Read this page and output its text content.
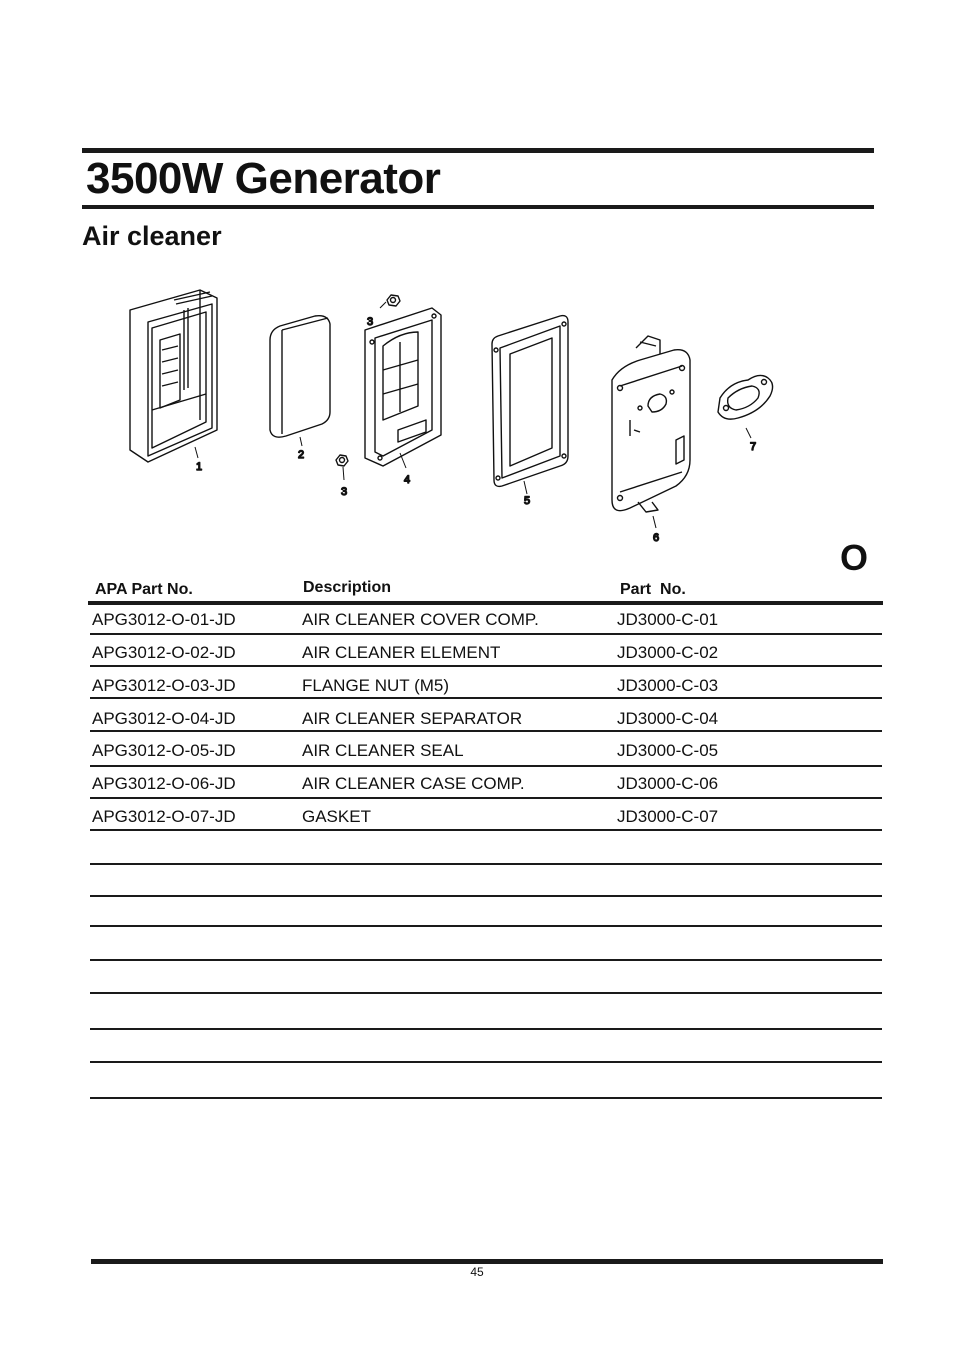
3500W Generator
Air cleaner
1
2
3
3
4
5
6
7
O
APA Part No.	Description	Part  No.
APG3012-O-01-JD	AIR CLEANER COVER COMP.	JD3000-C-01
APG3012-O-02-JD	AIR CLEANER ELEMENT	JD3000-C-02
APG3012-O-03-JD	FLANGE NUT (M5)	JD3000-C-03
APG3012-O-04-JD	AIR CLEANER SEPARATOR	JD3000-C-04
APG3012-O-05-JD	AIR CLEANER SEAL	JD3000-C-05
APG3012-O-06-JD	AIR CLEANER CASE COMP.	JD3000-C-06
APG3012-O-07-JD	GASKET	JD3000-C-07
45
